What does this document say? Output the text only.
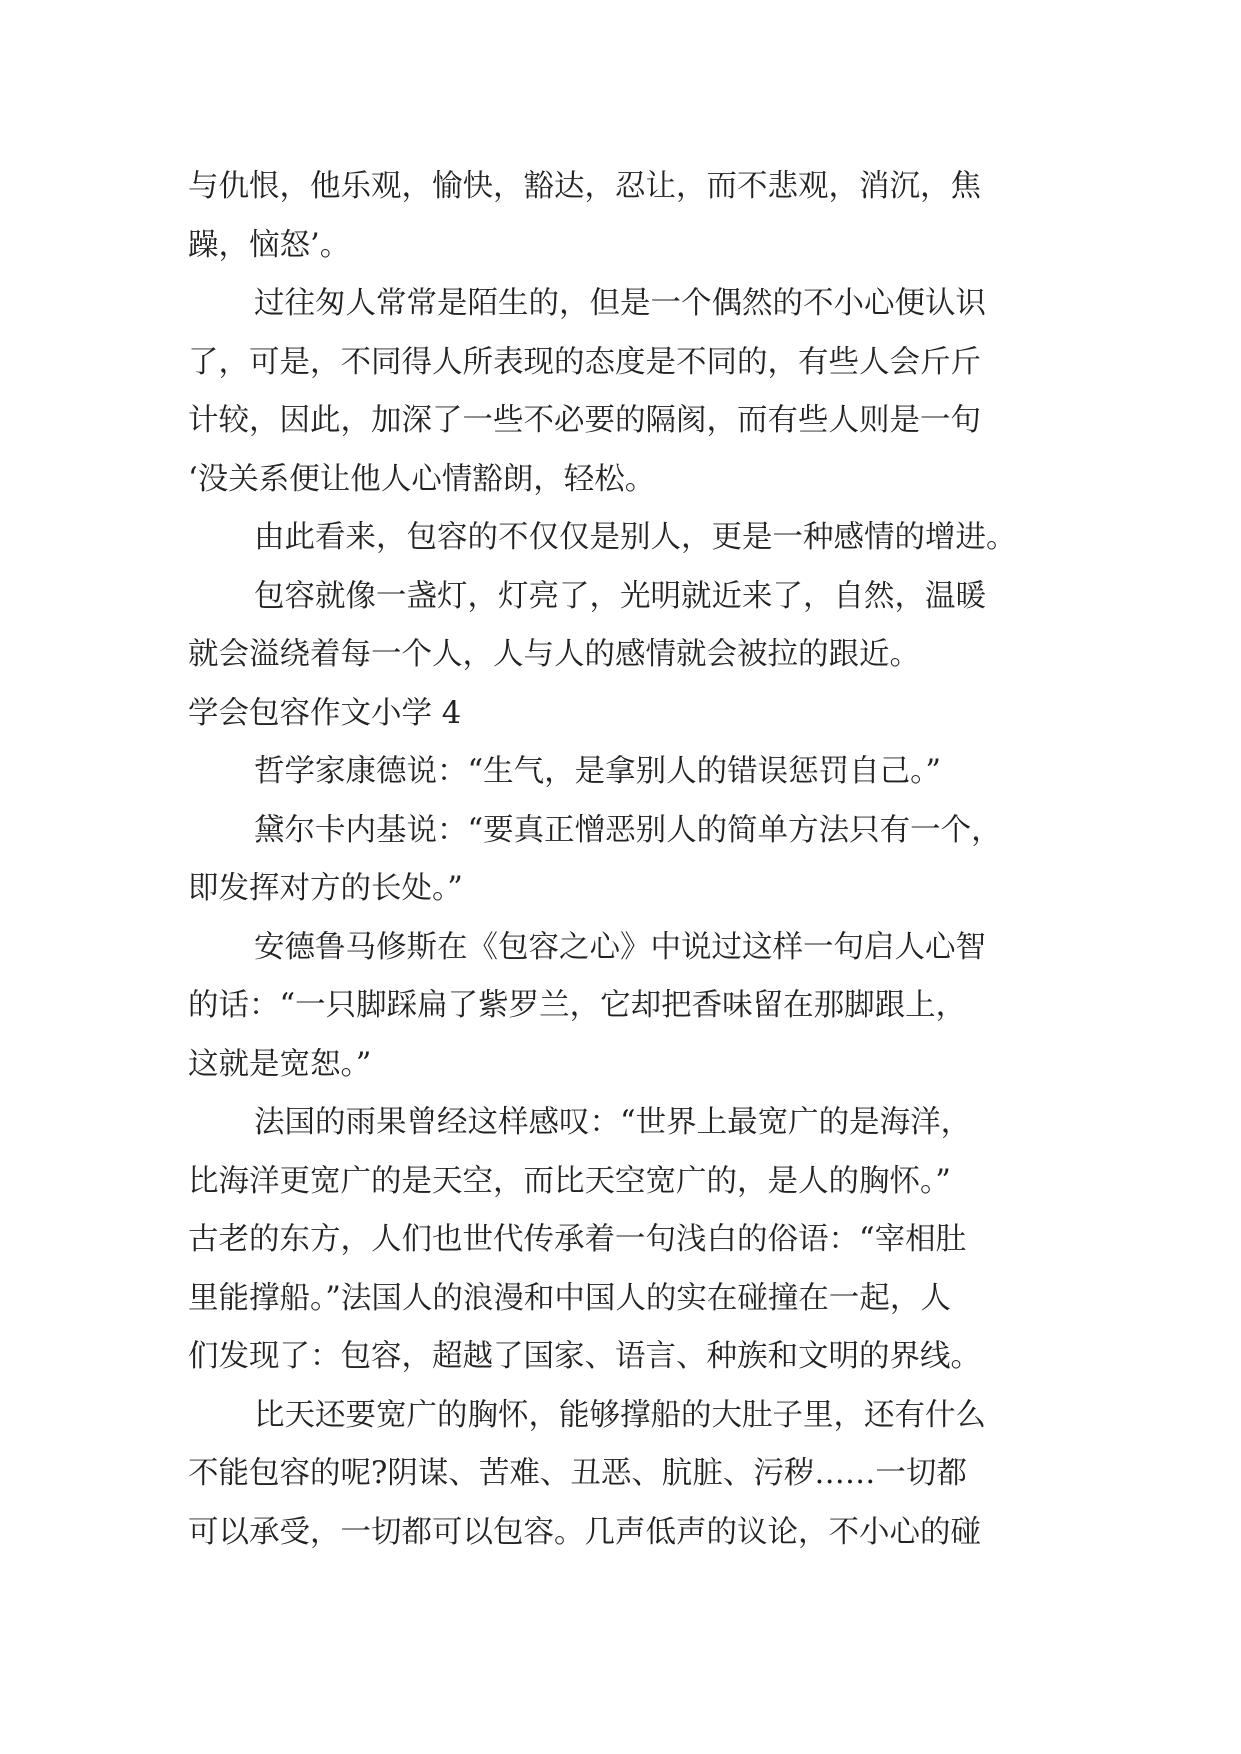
与仇恨，他乐观，愉快，豁达，忍让，而不悲观，消沉，焦
躁，恼怒’。
过往匆人常常是陌生的，但是一个偶然的不小心便认识
了，可是，不同得人所表现的态度是不同的，有些人会斤斤
计较，因此，加深了一些不必要的隔阂，而有些人则是一句
‘没关系便让他人心情豁朗，轻松。
由此看来，包容的不仅仅是别人，更是一种感情的增进。
包容就像一盏灯，灯亮了，光明就近来了，自然，温暖
就会溢绕着每一个人，人与人的感情就会被拉的跟近。
学会包容作文小学 4
哲学家康德说：“生气，是拿别人的错误惩罚自己。”
黛尔卡内基说：“要真正憎恶别人的简单方法只有一个，
即发挥对方的长处。”
安德鲁马修斯在《包容之心》中说过这样一句启人心智
的话：“一只脚踩扁了紫罗兰，它却把香味留在那脚跟上，
这就是宽恕。”
法国的雨果曾经这样感叹：“世界上最宽广的是海洋，
比海洋更宽广的是天空，而比天空宽广的，是人的胸怀。”
古老的东方，人们也世代传承着一句浅白的俗语：“宰相肚
里能撑船。”法国人的浪漫和中国人的实在碰撞在一起，人
们发现了：包容，超越了国家、语言、种族和文明的界线。
比天还要宽广的胸怀，能够撑船的大肚子里，还有什么
不能包容的呢?阴谋、苦难、丑恶、肮脏、污秽……一切都
可以承受，一切都可以包容。几声低声的议论，不小心的碰
